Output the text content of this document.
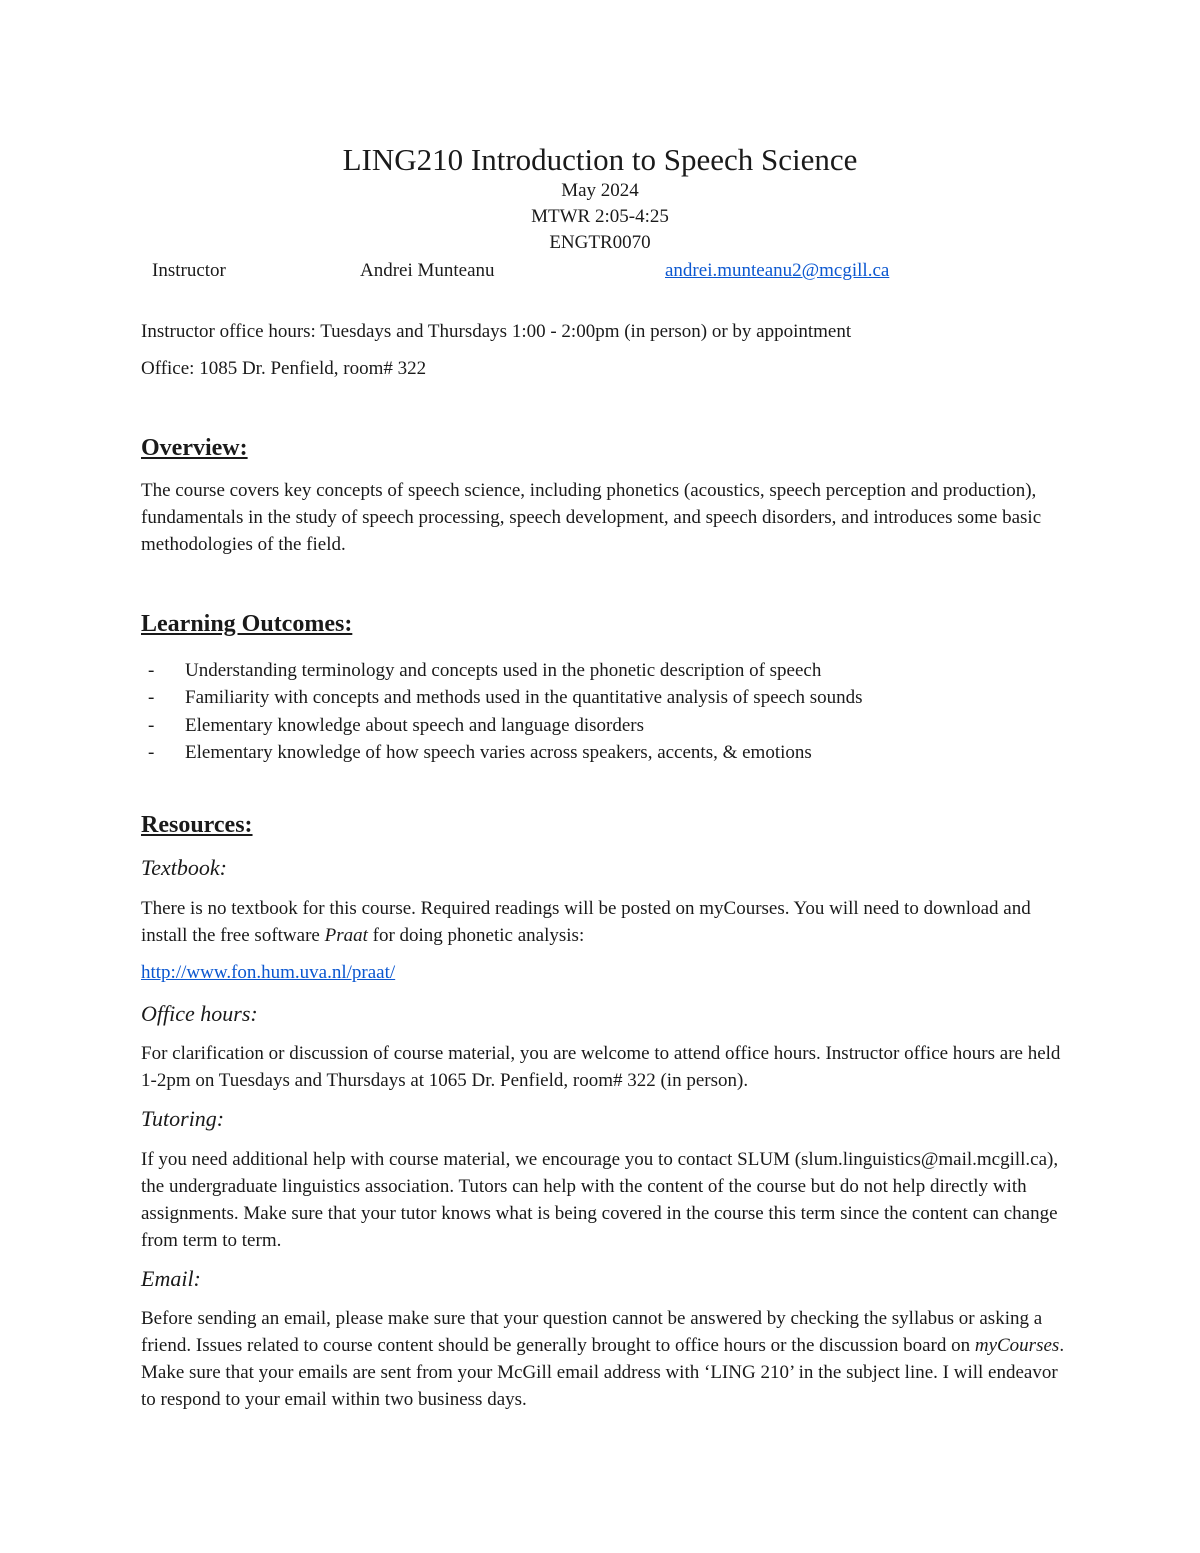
LING210 Introduction to Speech Science
May 2024
MTWR 2:05-4:25
ENGTR0070
Instructor	Andrei Munteanu	andrei.munteanu2@mcgill.ca
Instructor office hours: Tuesdays and Thursdays 1:00 - 2:00pm (in person) or by appointment
Office: 1085 Dr. Penfield, room# 322
Overview:

The course covers key concepts of speech science, including phonetics (acoustics, speech perception and production), fundamentals in the study of speech processing, speech development, and speech disorders, and introduces some basic methodologies of the field.

Learning Outcomes:
- Understanding terminology and concepts used in the phonetic description of speech
- Familiarity with concepts and methods used in the quantitative analysis of speech sounds
- Elementary knowledge about speech and language disorders
- Elementary knowledge of how speech varies across speakers, accents, & emotions
Resources:
Textbook:

There is no textbook for this course. Required readings will be posted on myCourses. You will need to download and install the free software Praat for doing phonetic analysis:

http://www.fon.hum.uva.nl/praat/
Office hours:

For clarification or discussion of course material, you are welcome to attend office hours. Instructor office hours are held 1-2pm on Tuesdays and Thursdays at 1065 Dr. Penfield, room# 322 (in person).

Tutoring:

If you need additional help with course material, we encourage you to contact SLUM (slum.linguistics@mail.mcgill.ca), the undergraduate linguistics association. Tutors can help with the content of the course but do not help directly with assignments. Make sure that your tutor knows what is being covered in the course this term since the content can change from term to term.

Email:

Before sending an email, please make sure that your question cannot be answered by checking the syllabus or asking a friend. Issues related to course content should be generally brought to office hours or the discussion board on myCourses. Make sure that your emails are sent from your McGill email address with ‘LING 210’ in the subject line. I will endeavor to respond to your email within two business days.
